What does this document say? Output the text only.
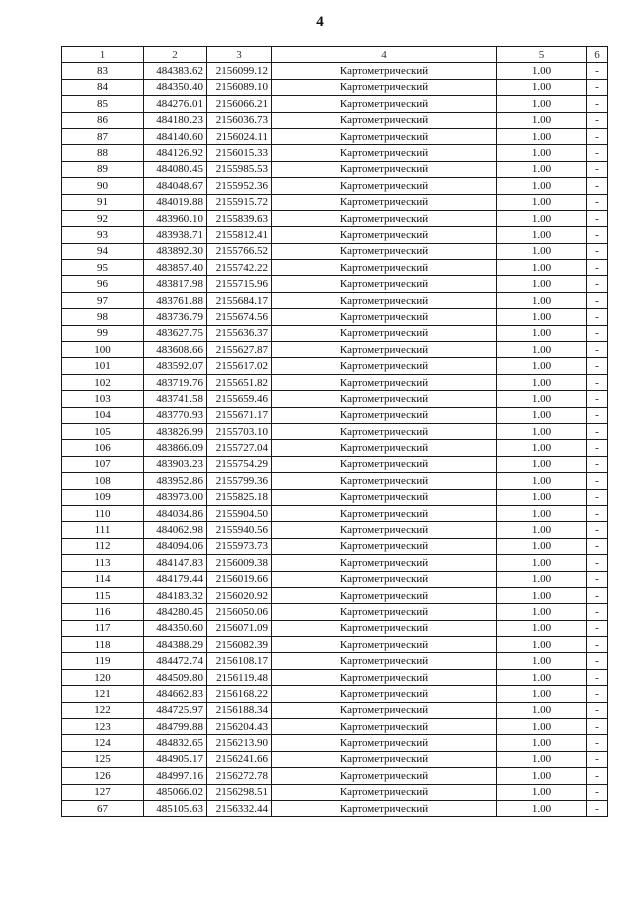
4
1	2	3	4	5	6
83	484383.62	2156099.12	Картометрический	1.00	-
84	484350.40	2156089.10	Картометрический	1.00	-
85	484276.01	2156066.21	Картометрический	1.00	-
86	484180.23	2156036.73	Картометрический	1.00	-
87	484140.60	2156024.11	Картометрический	1.00	-
88	484126.92	2156015.33	Картометрический	1.00	-
89	484080.45	2155985.53	Картометрический	1.00	-
90	484048.67	2155952.36	Картометрический	1.00	-
91	484019.88	2155915.72	Картометрический	1.00	-
92	483960.10	2155839.63	Картометрический	1.00	-
93	483938.71	2155812.41	Картометрический	1.00	-
94	483892.30	2155766.52	Картометрический	1.00	-
95	483857.40	2155742.22	Картометрический	1.00	-
96	483817.98	2155715.96	Картометрический	1.00	-
97	483761.88	2155684.17	Картометрический	1.00	-
98	483736.79	2155674.56	Картометрический	1.00	-
99	483627.75	2155636.37	Картометрический	1.00	-
100	483608.66	2155627.87	Картометрический	1.00	-
101	483592.07	2155617.02	Картометрический	1.00	-
102	483719.76	2155651.82	Картометрический	1.00	-
103	483741.58	2155659.46	Картометрический	1.00	-
104	483770.93	2155671.17	Картометрический	1.00	-
105	483826.99	2155703.10	Картометрический	1.00	-
106	483866.09	2155727.04	Картометрический	1.00	-
107	483903.23	2155754.29	Картометрический	1.00	-
108	483952.86	2155799.36	Картометрический	1.00	-
109	483973.00	2155825.18	Картометрический	1.00	-
110	484034.86	2155904.50	Картометрический	1.00	-
111	484062.98	2155940.56	Картометрический	1.00	-
112	484094.06	2155973.73	Картометрический	1.00	-
113	484147.83	2156009.38	Картометрический	1.00	-
114	484179.44	2156019.66	Картометрический	1.00	-
115	484183.32	2156020.92	Картометрический	1.00	-
116	484280.45	2156050.06	Картометрический	1.00	-
117	484350.60	2156071.09	Картометрический	1.00	-
118	484388.29	2156082.39	Картометрический	1.00	-
119	484472.74	2156108.17	Картометрический	1.00	-
120	484509.80	2156119.48	Картометрический	1.00	-
121	484662.83	2156168.22	Картометрический	1.00	-
122	484725.97	2156188.34	Картометрический	1.00	-
123	484799.88	2156204.43	Картометрический	1.00	-
124	484832.65	2156213.90	Картометрический	1.00	-
125	484905.17	2156241.66	Картометрический	1.00	-
126	484997.16	2156272.78	Картометрический	1.00	-
127	485066.02	2156298.51	Картометрический	1.00	-
67	485105.63	2156332.44	Картометрический	1.00	-
